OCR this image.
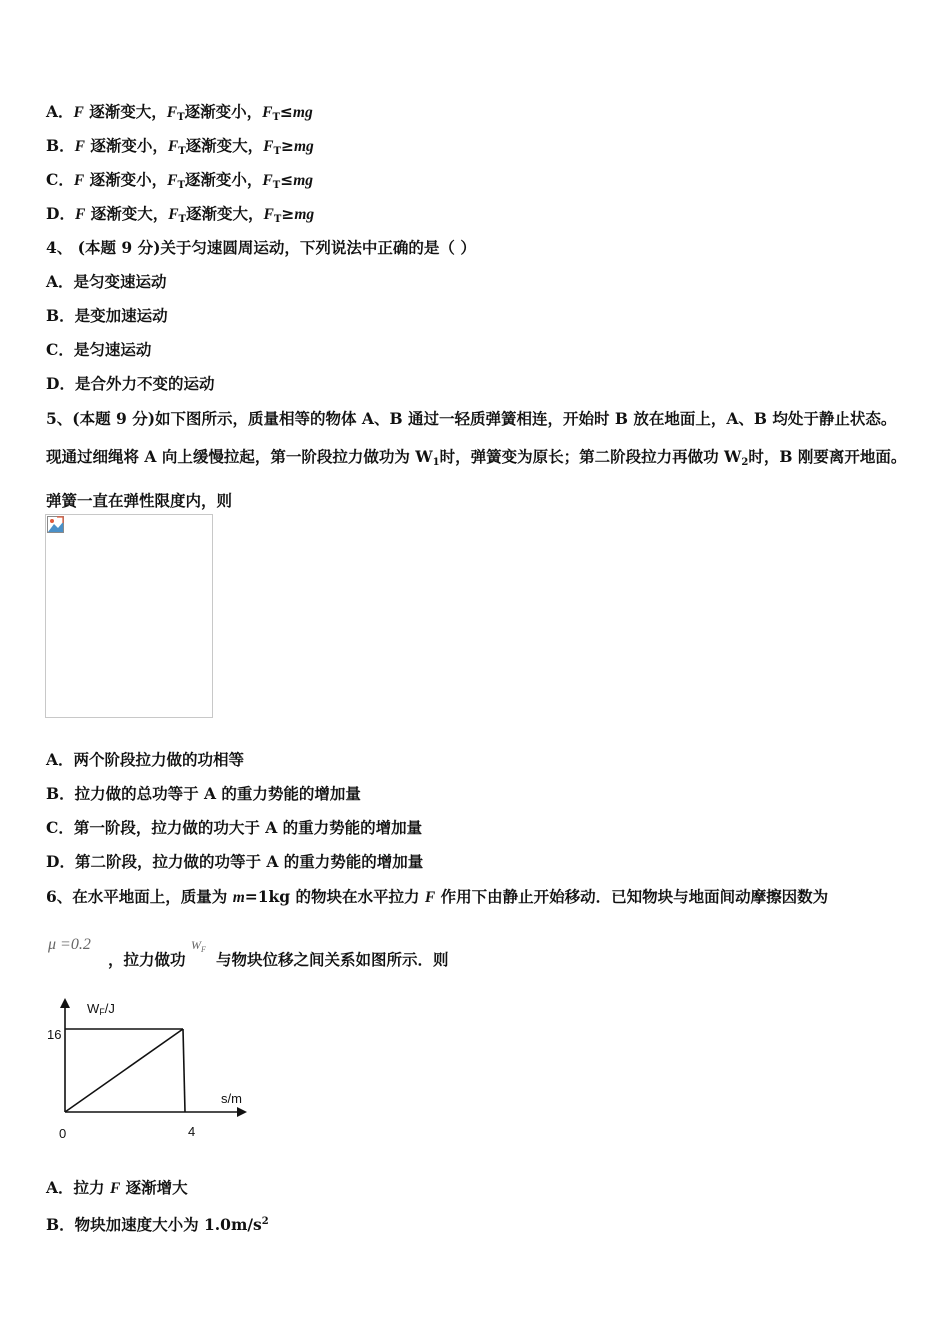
A．F 逐渐变大，$F_T$逐渐变小，$F_T\le mg$
B．F 逐渐变小，$F_T$逐渐变大，$F_T\ge mg$
C．F 逐渐变小，$F_T$逐渐变小，$F_T\le mg$
D．F 逐渐变大，$F_T$逐渐变大，$F_T\ge mg$
4、 (本题 9 分)关于匀速圆周运动，下列说法中正确的是（ ）
A．是匀变速运动
B．是变加速运动
C．是匀速运动
D．是合外力不变的运动
5、(本题 9 分)如下图所示，质量相等的物体 A、B 通过一轻质弹簧相连，开始时 B 放在地面上，A、B 均处于静止状态。现通过细绳将 A 向上缓慢拉起，第一阶段拉力做功为 $W_1$时，弹簧变为原长；第二阶段拉力再做功 $W_2$时，B 刚要离开地面。弹簧一直在弹性限度内，则
A．两个阶段拉力做的功相等
B．拉力做的总功等于 A 的重力势能的增加量
C．第一阶段，拉力做的功大于 A 的重力势能的增加量
D．第二阶段，拉力做的功等于 A 的重力势能的增加量
6、在水平地面上，质量为 m=1kg 的物块在水平拉力 F 作用下由静止开始移动．已知物块与地面间动摩擦因数为
μ =0.2
，拉力做功
$W_F$
与物块位移之间关系如图所示．则
WF/J
s/m
16
0	4
A．拉力 F 逐渐增大
B．物块加速度大小为 $1.0m/s^2$
